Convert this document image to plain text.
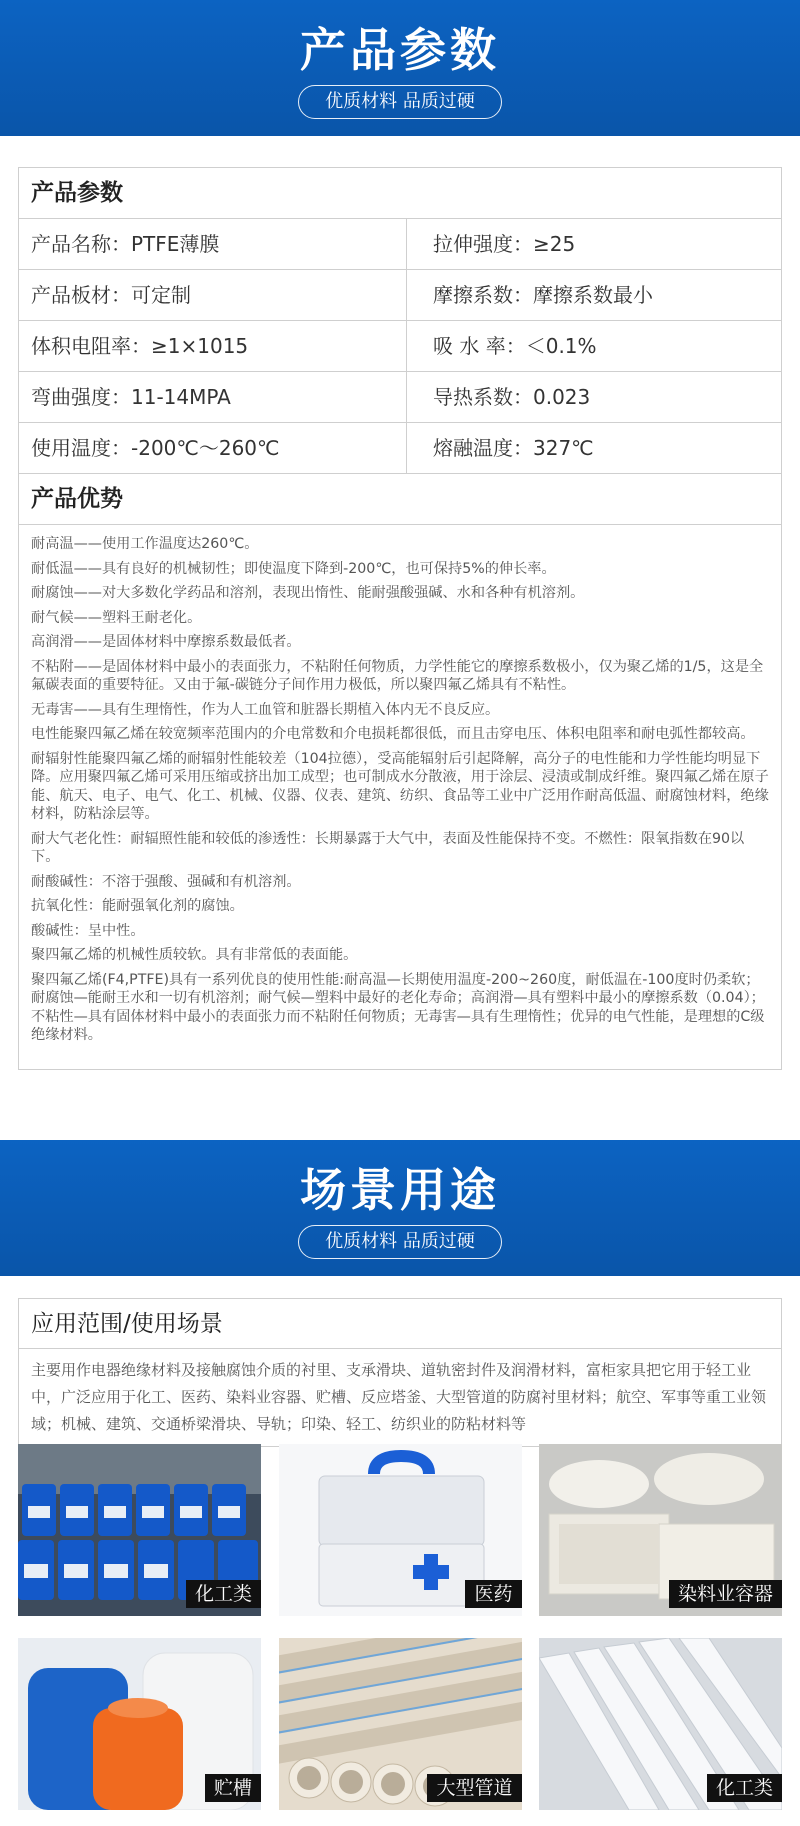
产品参数
优质材料 品质过硬
产品参数
产品名称：PTFE薄膜	拉伸强度：≥25
产品板材：可定制	摩擦系数：摩擦系数最小
体积电阻率：≥1×1015	吸 水 率：＜0.1%
弯曲强度：11-14MPA	导热系数：0.023
使用温度：-200℃～260℃	熔融温度：327℃
产品优势

耐高温——使用工作温度达260℃。

耐低温——具有良好的机械韧性；即使温度下降到-200℃，也可保持5%的伸长率。

耐腐蚀——对大多数化学药品和溶剂，表现出惰性、能耐强酸强碱、水和各种有机溶剂。

耐气候——塑料王耐老化。

高润滑——是固体材料中摩擦系数最低者。

不粘附——是固体材料中最小的表面张力，不粘附任何物质，力学性能它的摩擦系数极小，仅为聚乙烯的1/5，这是全氟碳表面的重要特征。又由于氟-碳链分子间作用力极低，所以聚四氟乙烯具有不粘性。

无毒害——具有生理惰性，作为人工血管和脏器长期植入体内无不良反应。

电性能聚四氟乙烯在较宽频率范围内的介电常数和介电损耗都很低，而且击穿电压、体积电阻率和耐电弧性都较高。

耐辐射性能聚四氟乙烯的耐辐射性能较差（104拉德），受高能辐射后引起降解，高分子的电性能和力学性能均明显下降。应用聚四氟乙烯可采用压缩或挤出加工成型；也可制成水分散液，用于涂层、浸渍或制成纤维。聚四氟乙烯在原子能、航天、电子、电气、化工、机械、仪器、仪表、建筑、纺织、食品等工业中广泛用作耐高低温、耐腐蚀材料，绝缘材料，防粘涂层等。

耐大气老化性：耐辐照性能和较低的渗透性：长期暴露于大气中，表面及性能保持不变。不燃性：限氧指数在90以下。

耐酸碱性：不溶于强酸、强碱和有机溶剂。

抗氧化性：能耐强氧化剂的腐蚀。

酸碱性：呈中性。

聚四氟乙烯的机械性质较软。具有非常低的表面能。

聚四氟乙烯(F4,PTFE)具有一系列优良的使用性能:耐高温—长期使用温度-200~260度，耐低温在-100度时仍柔软；耐腐蚀—能耐王水和一切有机溶剂；耐气候—塑料中最好的老化寿命；高润滑—具有塑料中最小的摩擦系数（0.04）；不粘性—具有固体材料中最小的表面张力而不粘附任何物质；无毒害—具有生理惰性；优异的电气性能，是理想的C级绝缘材料。

场景用途
优质材料 品质过硬
应用范围/使用场景
主要用作电器绝缘材料及接触腐蚀介质的衬里、支承滑块、道轨密封件及润滑材料，富柜家具把它用于轻工业中，广泛应用于化工、医药、染料业容器、贮槽、反应塔釜、大型管道的防腐衬里材料；航空、军事等重工业领域；机械、建筑、交通桥梁滑块、导轨；印染、轻工、纺织业的防粘材料等
化工类	医药	染料业容器
贮槽	大型管道	化工类
